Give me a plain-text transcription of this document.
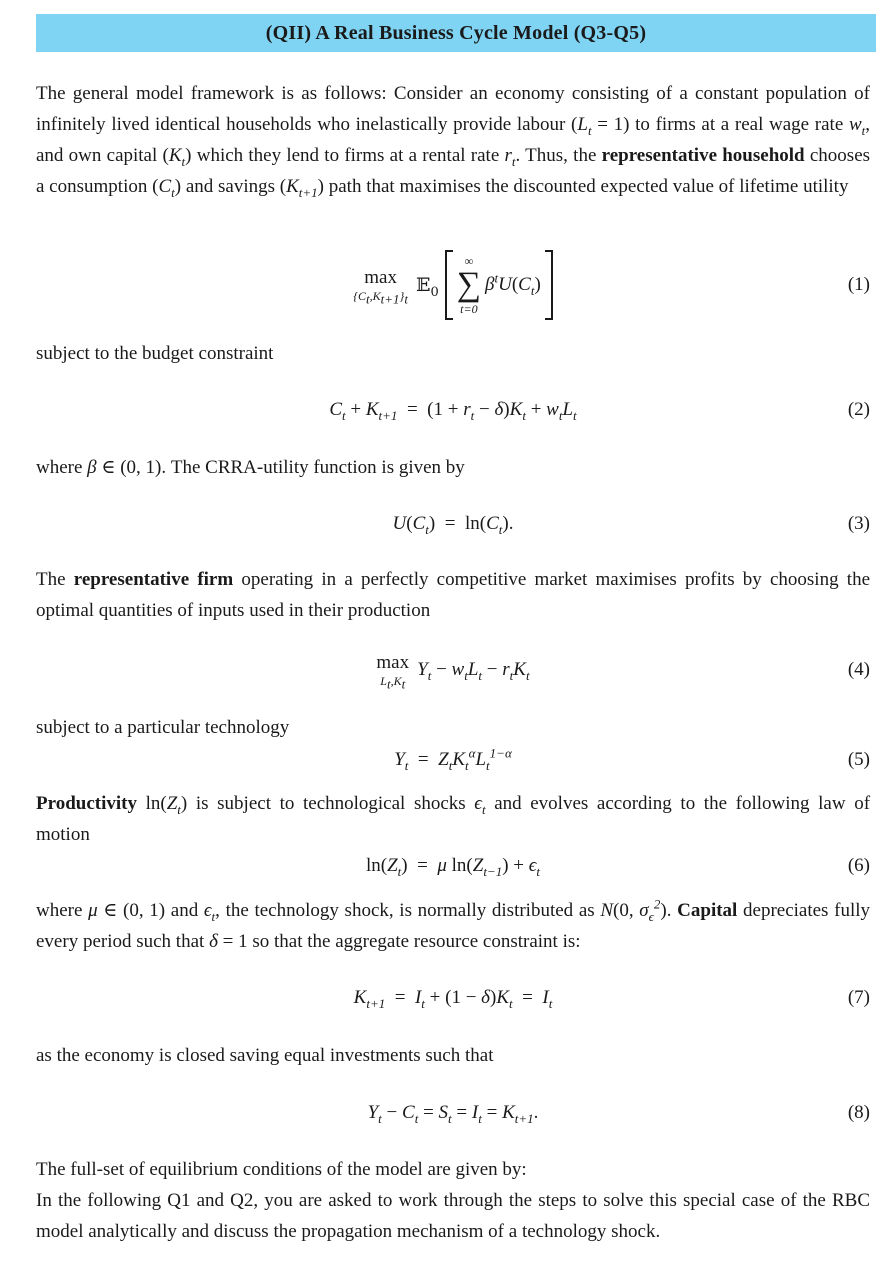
(QII) A Real Business Cycle Model (Q3-Q5)

The general model framework is as follows: Consider an economy consisting of a constant population of infinitely lived identical households who inelastically provide labour $(L_t = 1)$ to firms at a real wage rate $w_t$, and own capital $(K_t)$ which they lend to firms at a rental rate $r_t$. Thus, the representative household chooses a consumption $(C_t)$ and savings $(K_{t+1})$ path that maximises the discounted expected value of lifetime utility

max
$\{C_t,K_{t+1}\}_t$
𝔼$_0$
∞
∑
t=0
$\beta^tU$ ( $C_t$ )	(1)

subject to the budget constraint

$C_t + K_{t+1} = (1 + r_t - \delta)K_t + w_tL_t$	(2)

where β ∈ (0, 1). The CRRA-utility function is given by

$U(C_t) = \ln(C_t)$.	(3)

The representative firm operating in a perfectly competitive market maximises profits by choosing the optimal quantities of inputs used in their production

max
$L_t,K_t$
$Y_t - w_tL_t - r_tK_t$	(4)

subject to a particular technology

$Y_t = Z_tK_t^\alpha L_t^{1-\alpha}$	(5)

Productivity $\ln(Z_t)$ is subject to technological shocks $\epsilon_t$ and evolves according to the following law of motion

$\ln(Z_t) = \mu$ $\ln(Z_{t-1}) + \epsilon_t$	(6)

where μ ∈ (0, 1) and $\epsilon_t$, the technology shock, is normally distributed as N(0, $\sigma_\epsilon^2$). Capital depreciates fully every period such that δ = 1 so that the aggregate resource constraint is:

$K_{t+1} = I_t + (1 - \delta)K_t = I_t$	(7)

as the economy is closed saving equal investments such that

$Y_t - C_t = S_t = I_t = K_{t+1}$.	(8)

The full-set of equilibrium conditions of the model are given by:

In the following Q1 and Q2, you are asked to work through the steps to solve this special case of the RBC model analytically and discuss the propagation mechanism of a technology shock.
